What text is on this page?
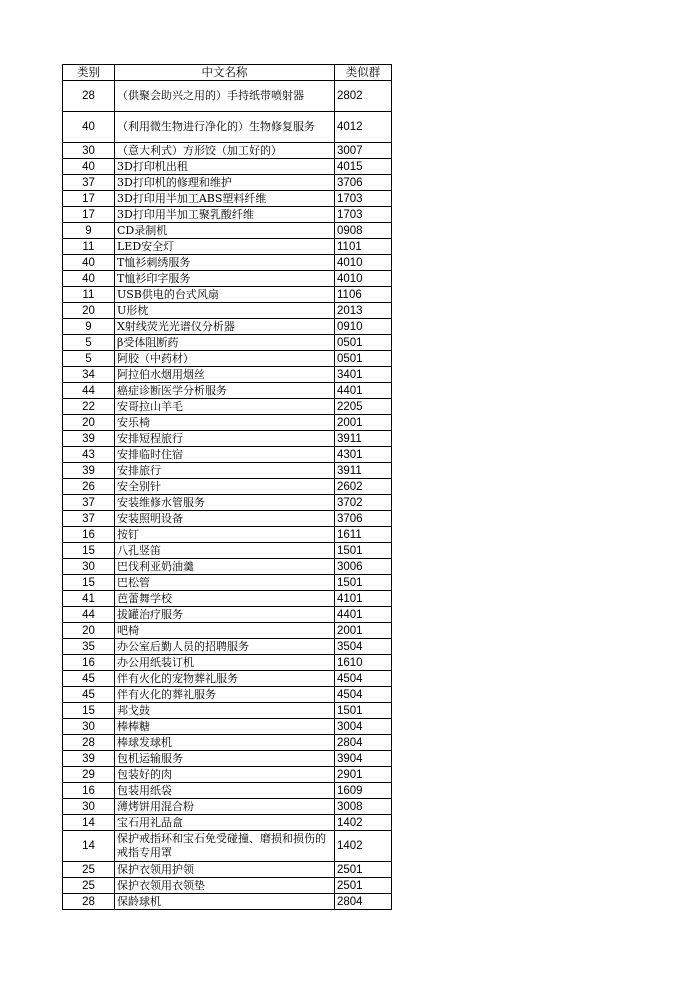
类别	中文名称	类似群
28	（供聚会助兴之用的）手持纸带喷射器	2802
40	（利用微生物进行净化的）生物修复服务	4012
30	（意大利式）方形饺（加工好的）	3007
40	3D打印机出租	4015
37	3D打印机的修理和维护	3706
17	3D打印用半加工ABS塑料纤维	1703
17	3D打印用半加工聚乳酸纤维	1703
9	CD录制机	0908
11	LED安全灯	1101
40	T恤衫刺绣服务	4010
40	T恤衫印字服务	4010
11	USB供电的台式风扇	1106
20	U形枕	2013
9	X射线荧光光谱仪分析器	0910
5	β受体阻断药	0501
5	阿胶（中药材）	0501
34	阿拉伯水烟用烟丝	3401
44	癌症诊断医学分析服务	4401
22	安哥拉山羊毛	2205
20	安乐椅	2001
39	安排短程旅行	3911
43	安排临时住宿	4301
39	安排旅行	3911
26	安全别针	2602
37	安装维修水管服务	3702
37	安装照明设备	3706
16	按钉	1611
15	八孔竖笛	1501
30	巴伐利亚奶油羹	3006
15	巴松管	1501
41	芭蕾舞学校	4101
44	拔罐治疗服务	4401
20	吧椅	2001
35	办公室后勤人员的招聘服务	3504
16	办公用纸装订机	1610
45	伴有火化的宠物葬礼服务	4504
45	伴有火化的葬礼服务	4504
15	邦戈鼓	1501
30	棒棒糖	3004
28	棒球发球机	2804
39	包机运输服务	3904
29	包装好的肉	2901
16	包装用纸袋	1609
30	薄烤饼用混合粉	3008
14	宝石用礼品盒	1402
14	保护戒指环和宝石免受碰撞、磨损和损伤的戒指专用罩	1402
25	保护衣领用护领	2501
25	保护衣领用衣领垫	2501
28	保龄球机	2804
